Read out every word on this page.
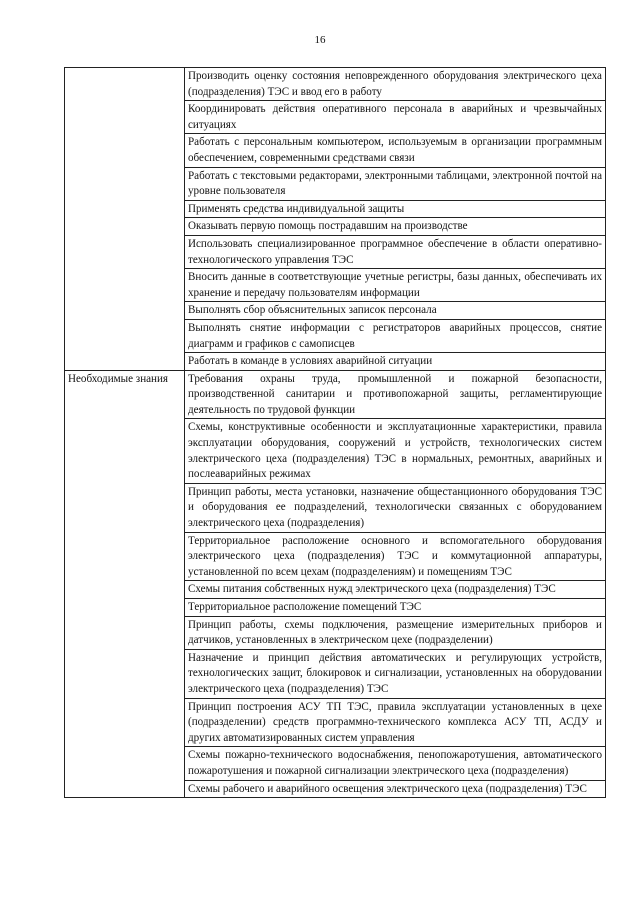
16
	Производить оценку состояния неповрежденного оборудования электрического цеха (подразделения) ТЭС и ввод его в работу
	Координировать действия оперативного персонала в аварийных и чрезвычайных ситуациях
	Работать с персональным компьютером, используемым в организации программным обеспечением, современными средствами связи
	Работать с текстовыми редакторами, электронными таблицами, электронной почтой на уровне пользователя
	Применять средства индивидуальной защиты
	Оказывать первую помощь пострадавшим на производстве
	Использовать специализированное программное обеспечение в области оперативно-технологического управления ТЭС
	Вносить данные в соответствующие учетные регистры, базы данных, обеспечивать их хранение и передачу пользователям информации
	Выполнять сбор объяснительных записок персонала
	Выполнять снятие информации с регистраторов аварийных процессов, снятие диаграмм и графиков с самописцев
	Работать в команде в условиях аварийной ситуации
Необходимые знания	Требования охраны труда, промышленной и пожарной безопасности, производственной санитарии и противопожарной защиты, регламентирующие деятельность по трудовой функции
	Схемы, конструктивные особенности и эксплуатационные характеристики, правила эксплуатации оборудования, сооружений и устройств, технологических систем электрического цеха (подразделения) ТЭС в нормальных, ремонтных, аварийных и послеаварийных режимах
	Принцип работы, места установки, назначение общестанционного оборудования ТЭС и оборудования ее подразделений, технологически связанных с оборудованием электрического цеха (подразделения)
	Территориальное расположение основного и вспомогательного оборудования электрического цеха (подразделения) ТЭС и коммутационной аппаратуры, установленной по всем цехам (подразделениям) и помещениям ТЭС
	Схемы питания собственных нужд электрического цеха (подразделения) ТЭС
	Территориальное расположение помещений ТЭС
	Принцип работы, схемы подключения, размещение измерительных приборов и датчиков, установленных в электрическом цехе (подразделении)
	Назначение и принцип действия автоматических и регулирующих устройств, технологических защит, блокировок и сигнализации, установленных на оборудовании электрического цеха (подразделения) ТЭС
	Принцип построения АСУ ТП ТЭС, правила эксплуатации установленных в цехе (подразделении) средств программно-технического комплекса АСУ ТП, АСДУ и других автоматизированных систем управления
	Схемы пожарно-технического водоснабжения, пенопожаротушения, автоматического пожаротушения и пожарной сигнализации электрического цеха (подразделения)
	Схемы рабочего и аварийного освещения электрического цеха (подразделения) ТЭС
